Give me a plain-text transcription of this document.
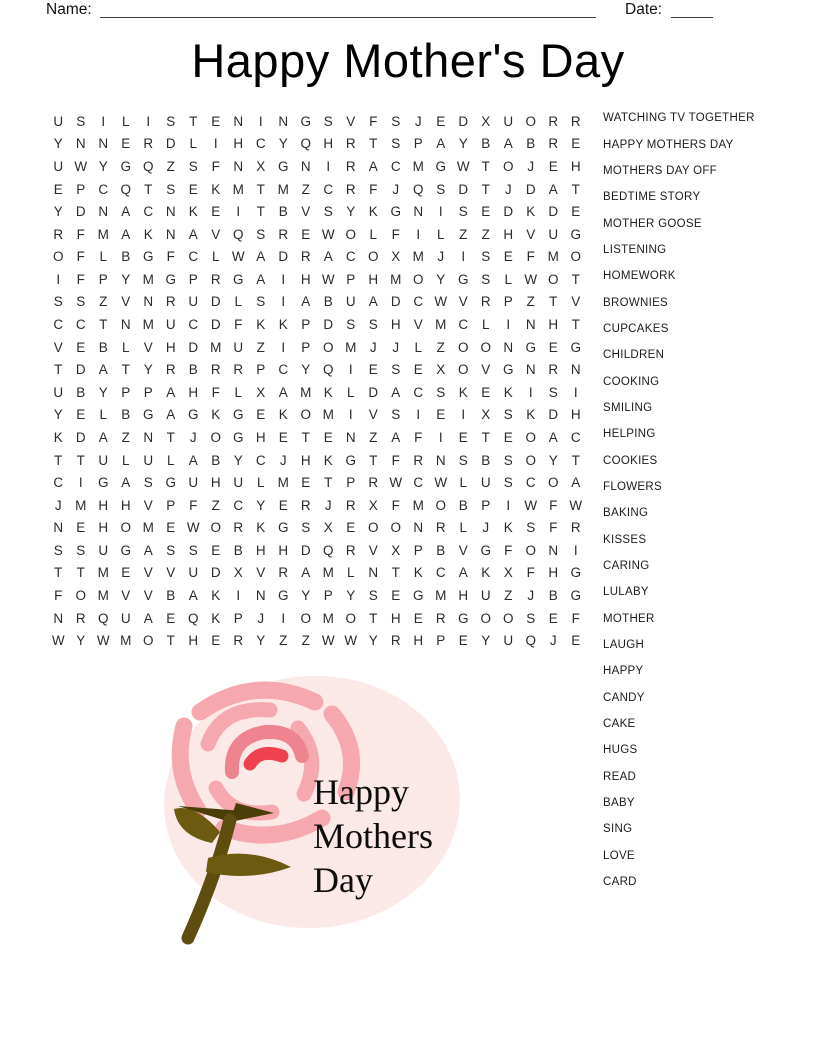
Name:	Date:
Happy Mother's Day
U S	I	L	I	S	T	E N	I	N G S V	F	S	J	E D X U O R R
Y N N E R D	L	I	H C Y Q H R	T	S P A Y B A B R E
U W Y G Q Z	S	F	N X G N	I	R A C M G W T O	J	E H
E P C Q T	S E K M T M Z	C R	F	J	Q S D	T	J	D A	T
Y D N A C N K E	I	T	B V S Y K G N	I	S E D K D E
R	F M A K N A V Q S R E W O L	F	I	L	Z	Z	H V U G
O F	L	B G F	C	L W A D R A C O X M	J	I	S E	F M O
I	F	P Y M G P R G A	I	H W P H M O Y G S	L W O T
S S	Z	V N R U D	L	S	I	A B U A D C W V R P	Z	T	V
C C	T	N M U C D	F	K K P D S S H V M C	L	I	N H	T
V E B	L	V H D M U	Z	I	P O M	J	J	L	Z O O N G E G
T	D A	T	Y R B R R P C Y Q	I	E S E X O V G N R N
U B Y P P A H	F	L	X A M K	L	D A C S K E K	I	S	I
Y E	L	B G A G K G E K O M	I	V S	I	E	I	X S K D H
K D A	Z	N	T	J	O G H E	T	E N	Z	A	F	I	E	T	E O A C
T	T	U	L	U	L	A B Y C	J	H K G T	F	R N S B S O Y	T
C	I	G A S G U H U	L M E	T	P R W C W L	U S C O A
J	M H H V P	F	Z	C Y E R	J	R X	F M O B P	I	W F W
N E H O M E W O R K G S X E O O N R	L	J	K S	F	R
S S U G A S S E B H H D Q R V X P B V G F O N	I
T	T M E V V U D X V R A M L	N	T	K C A K X	F	H G
F O M V V B A K	I	N G Y P Y S E G M H U	Z	J	B G
N R Q U A E Q K P	J	I	O M O T	H E R G O O S E	F
W Y W M O T	H E R Y	Z	Z W W Y R H P E Y U Q	J	E
WATCHING TV TOGETHER
HAPPY MOTHERS DAY
MOTHERS DAY OFF
BEDTIME STORY
MOTHER GOOSE
LISTENING
HOMEWORK
BROWNIES
CUPCAKES
CHILDREN
COOKING
SMILING
HELPING
COOKIES
FLOWERS
BAKING
KISSES
CARING
LULABY
MOTHER
LAUGH
HAPPY
CANDY
CAKE
HUGS
READ
BABY
SING
LOVE
CARD
Happy
Mothers
Day
